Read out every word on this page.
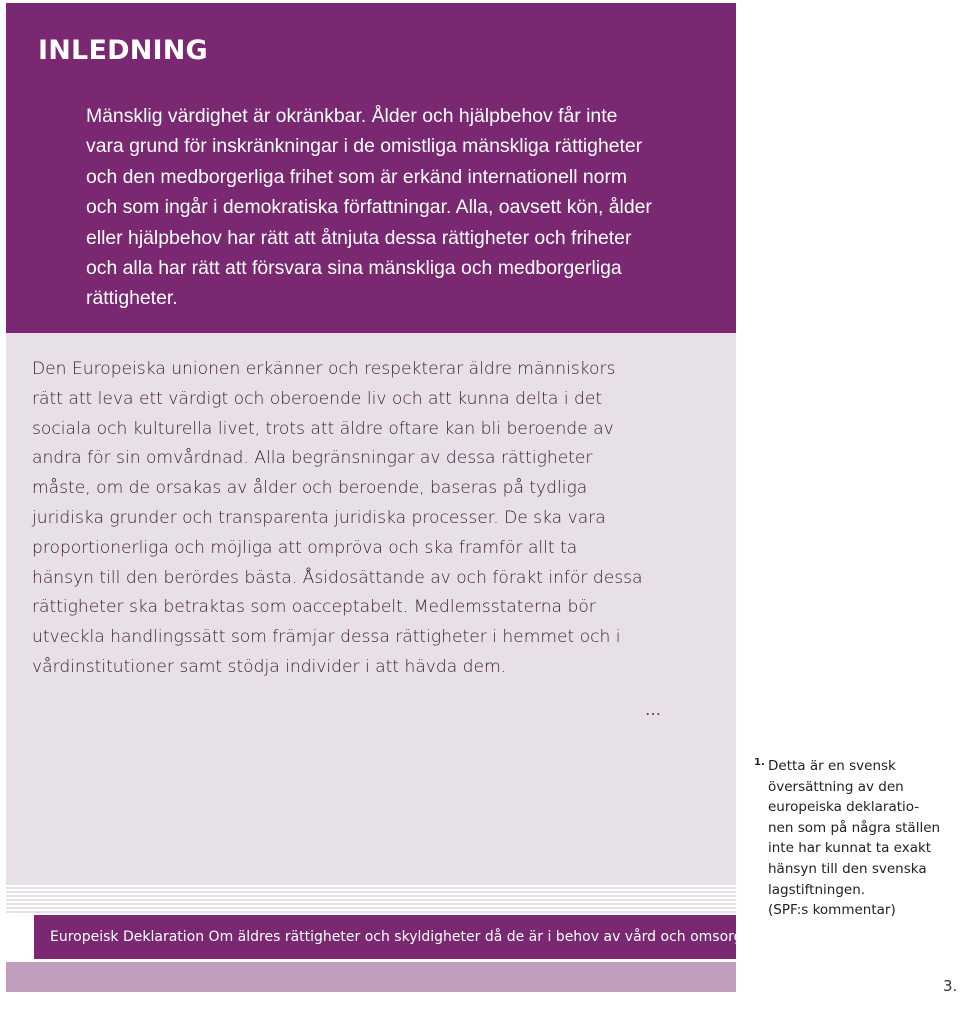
INLEDNING

Mänsklig värdighet är okränkbar. Ålder och hjälpbehov får inte
vara grund för inskränkningar i de omistliga mänskliga rättigheter
och den medborgerliga frihet som är erkänd internationell norm
och som ingår i demokratiska författningar. Alla, oavsett kön, ålder
eller hjälpbehov har rätt att åtnjuta dessa rättigheter och friheter
och alla har rätt att försvara sina mänskliga och medborgerliga
rättigheter.

Den Europeiska unionen erkänner och respekterar äldre människors
rätt att leva ett värdigt och oberoende liv och att kunna delta i det
sociala och kulturella livet, trots att äldre oftare kan bli beroende av
andra för sin omvårdnad. Alla begränsningar av dessa rättigheter
måste, om de orsakas av ålder och beroende, baseras på tydliga
juridiska grunder och transparenta juridiska processer. De ska vara
proportionerliga och möjliga att ompröva och ska framför allt ta
hänsyn till den berördes bästa. Åsidosättande av och förakt inför dessa
rättigheter ska betraktas som oacceptabelt. Medlemsstaterna bör
utveckla handlingssätt som främjar dessa rättigheter i hemmet och i
vårdinstitutioner samt stödja individer i att hävda dem.

…
Europeisk Deklaration Om äldres rättigheter och skyldigheter då de är i behov av vård och omsorg
1. Detta är en svensk
översättning av den
europeiska deklaratio-
nen som på några ställen
inte har kunnat ta exakt
hänsyn till den svenska
lagstiftningen.
(SPF:s kommentar)

3.
